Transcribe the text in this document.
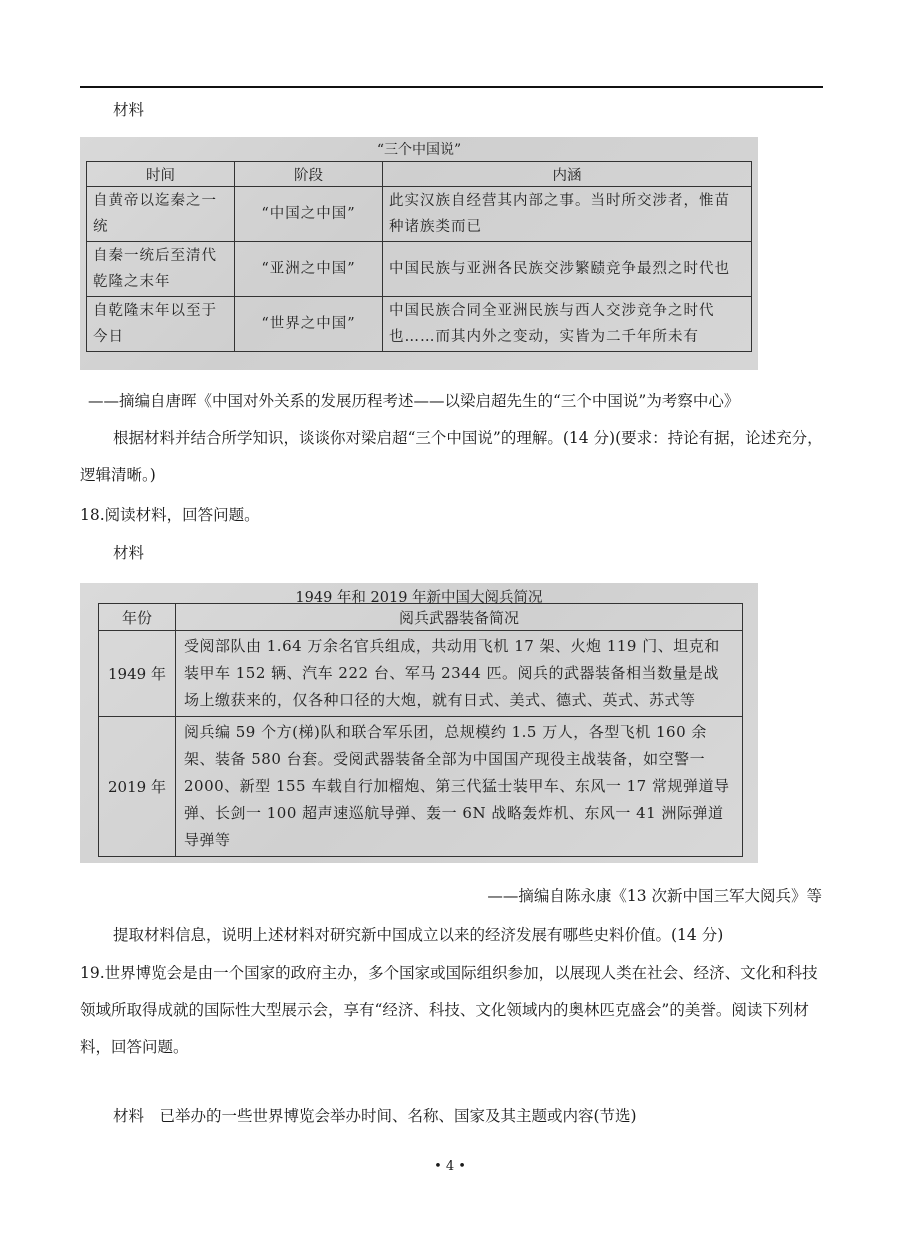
材料
“三个中国说”
时间	阶段	内涵
自黄帝以迄秦之一统	“中国之中国”	此实汉族自经营其内部之事。当时所交涉者，惟苗种诸族类而已
自秦一统后至清代乾隆之末年	“亚洲之中国”	中国民族与亚洲各民族交涉繁赜竞争最烈之时代也
自乾隆末年以至于今日	“世界之中国”	中国民族合同全亚洲民族与西人交涉竞争之时代也……而其内外之变动，实皆为二千年所未有
——摘编自唐晖《中国对外关系的发展历程考述——以梁启超先生的“三个中国说”为考察中心》
根据材料并结合所学知识，谈谈你对梁启超“三个中国说”的理解。(14 分)(要求：持论有据，论述充分，逻辑清晰。)
18.阅读材料，回答问题。
材料
1949 年和 2019 年新中国大阅兵简况
年份	阅兵武器装备简况
1949 年	受阅部队由 1.64 万余名官兵组成，共动用飞机 17 架、火炮 119 门、坦克和装甲车 152 辆、汽车 222 台、军马 2344 匹。阅兵的武器装备相当数量是战场上缴获来的，仅各种口径的大炮，就有日式、美式、德式、英式、苏式等
2019 年	阅兵编 59 个方(梯)队和联合军乐团，总规模约 1.5 万人，各型飞机 160 余架、装备 580 台套。受阅武器装备全部为中国国产现役主战装备，如空警一 2000、新型 155 车载自行加榴炮、第三代猛士装甲车、东风一 17 常规弹道导弹、长剑一 100 超声速巡航导弹、轰一 6N 战略轰炸机、东风一 41 洲际弹道导弹等
——摘编自陈永康《13 次新中国三军大阅兵》等
提取材料信息，说明上述材料对研究新中国成立以来的经济发展有哪些史料价值。(14 分)
19.世界博览会是由一个国家的政府主办，多个国家或国际组织参加，以展现人类在社会、经济、文化和科技领域所取得成就的国际性大型展示会，享有“经济、科技、文化领域内的奥林匹克盛会”的美誉。阅读下列材料，回答问题。
材料　已举办的一些世界博览会举办时间、名称、国家及其主题或内容(节选)
• 4 •
